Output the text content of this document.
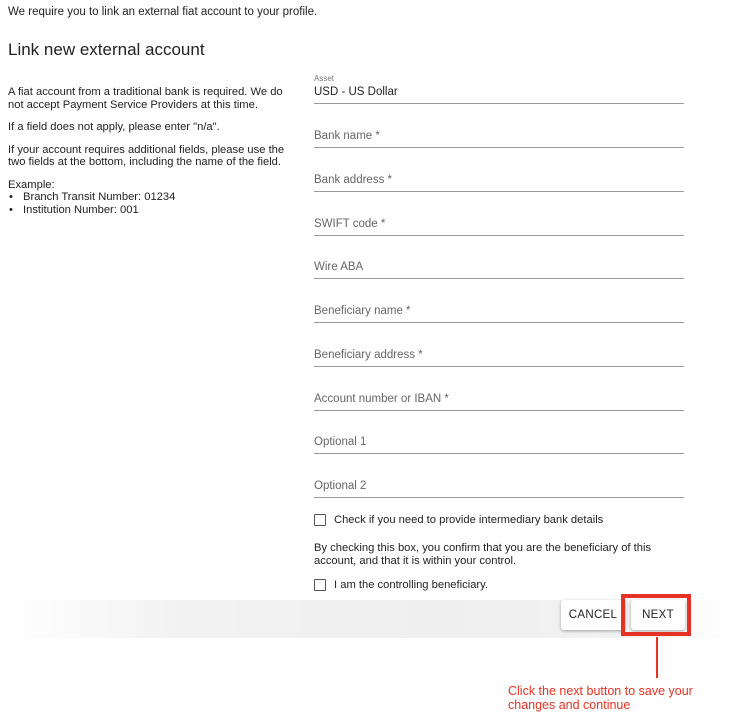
We require you to link an external fiat account to your profile.
Link new external account

A fiat account from a traditional bank is required. We do not accept Payment Service Providers at this time.

If a field does not apply, please enter "n/a".

If your account requires additional fields, please use the two fields at the bottom, including the name of the field.

Example:
• Branch Transit Number: 01234
• Institution Number: 001
Asset
USD - US Dollar
Bank name *
Bank address *
SWIFT code *
Wire ABA
Beneficiary name *
Beneficiary address *
Account number or IBAN *
Optional 1
Optional 2
Check if you need to provide intermediary bank details
By checking this box, you confirm that you are the beneficiary of this account, and that it is within your control.
I am the controlling beneficiary.
CANCEL	NEXT
Click the next button to save your changes and continue
